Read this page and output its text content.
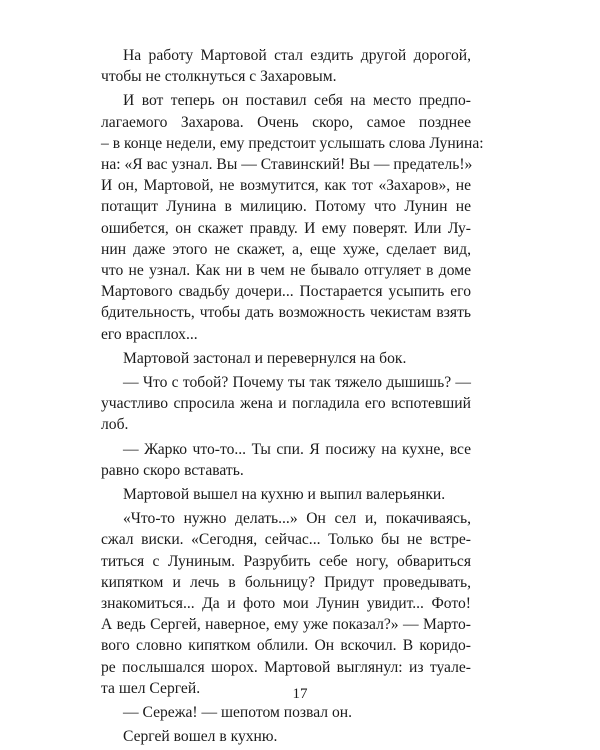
На работу Мартовой стал ездить другой дорогой,
чтобы не столкнуться с Захаровым.

И вот теперь он поставил себя на место предпо-
лагаемого Захарова. Очень скоро, самое позднее
– в конце недели, ему предстоит услышать слова Лунина:
на: «Я вас узнал. Вы — Ставинский! Вы — предатель!»
И он, Мартовой, не возмутится, как тот «Захаров», не
потащит Лунина в милицию. Потому что Лунин не
ошибется, он скажет правду. И ему поверят. Или Лу-
нин даже этого не скажет, а, еще хуже, сделает вид,
что не узнал. Как ни в чем не бывало отгуляет в доме
Мартового свадьбу дочери... Постарается усыпить его
бдительность, чтобы дать возможность чекистам взять
его врасплох...

Мартовой застонал и перевернулся на бок.

— Что с тобой? Почему ты так тяжело дышишь? —
участливо спросила жена и погладила его вспотевший
лоб.

— Жарко что-то... Ты спи. Я посижу на кухне, все
равно скоро вставать.

Мартовой вышел на кухню и выпил валерьянки.

«Что-то нужно делать...» Он сел и, покачиваясь,
сжал виски. «Сегодня, сейчас... Только бы не встре-
титься с Луниным. Разрубить себе ногу, обвариться
кипятком и лечь в больницу? Придут проведывать,
знакомиться... Да и фото мои Лунин увидит... Фото!
А ведь Сергей, наверное, ему уже показал?» — Марто-
вого словно кипятком облили. Он вскочил. В коридо-
ре послышался шорох. Мартовой выглянул: из туале-
та шел Сергей.

— Сережа! — шепотом позвал он.

Сергей вошел в кухню.

17
